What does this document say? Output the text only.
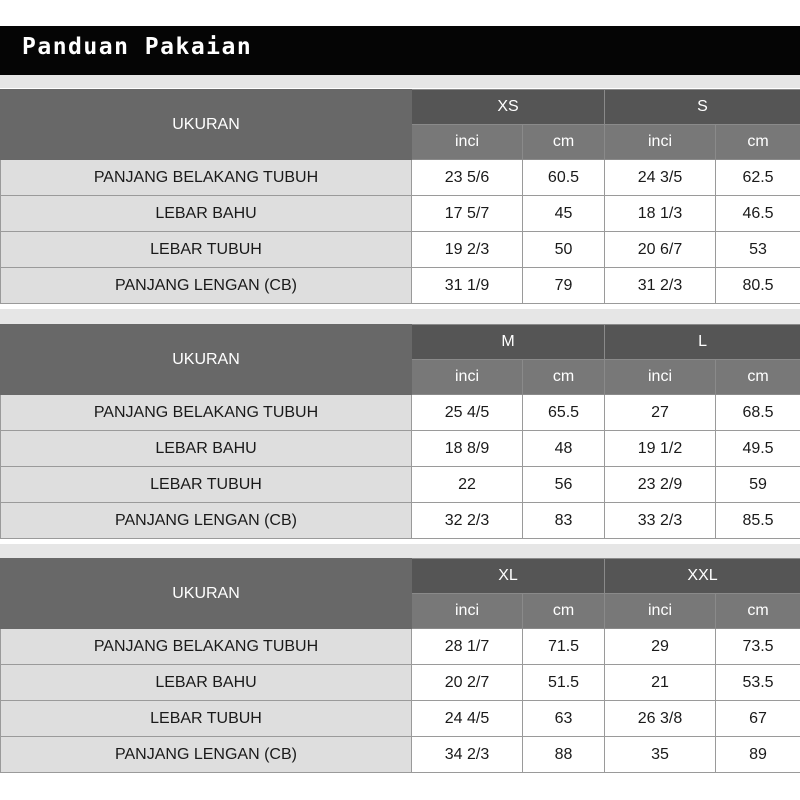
Panduan Pakaian
UKURAN	XS		S	
	inci	cm	inci	cm
PANJANG BELAKANG TUBUH	23 5/6	60.5	24 3/5	62.5
LEBAR BAHU	17 5/7	45	18 1/3	46.5
LEBAR TUBUH	19 2/3	50	20 6/7	53
PANJANG LENGAN (CB)	31 1/9	79	31 2/3	80.5
UKURAN	M		L	
	inci	cm	inci	cm
PANJANG BELAKANG TUBUH	25 4/5	65.5	27	68.5
LEBAR BAHU	18 8/9	48	19 1/2	49.5
LEBAR TUBUH	22	56	23 2/9	59
PANJANG LENGAN (CB)	32 2/3	83	33 2/3	85.5
UKURAN	XL		XXL	
	inci	cm	inci	cm
PANJANG BELAKANG TUBUH	28 1/7	71.5	29	73.5
LEBAR BAHU	20 2/7	51.5	21	53.5
LEBAR TUBUH	24 4/5	63	26 3/8	67
PANJANG LENGAN (CB)	34 2/3	88	35	89
